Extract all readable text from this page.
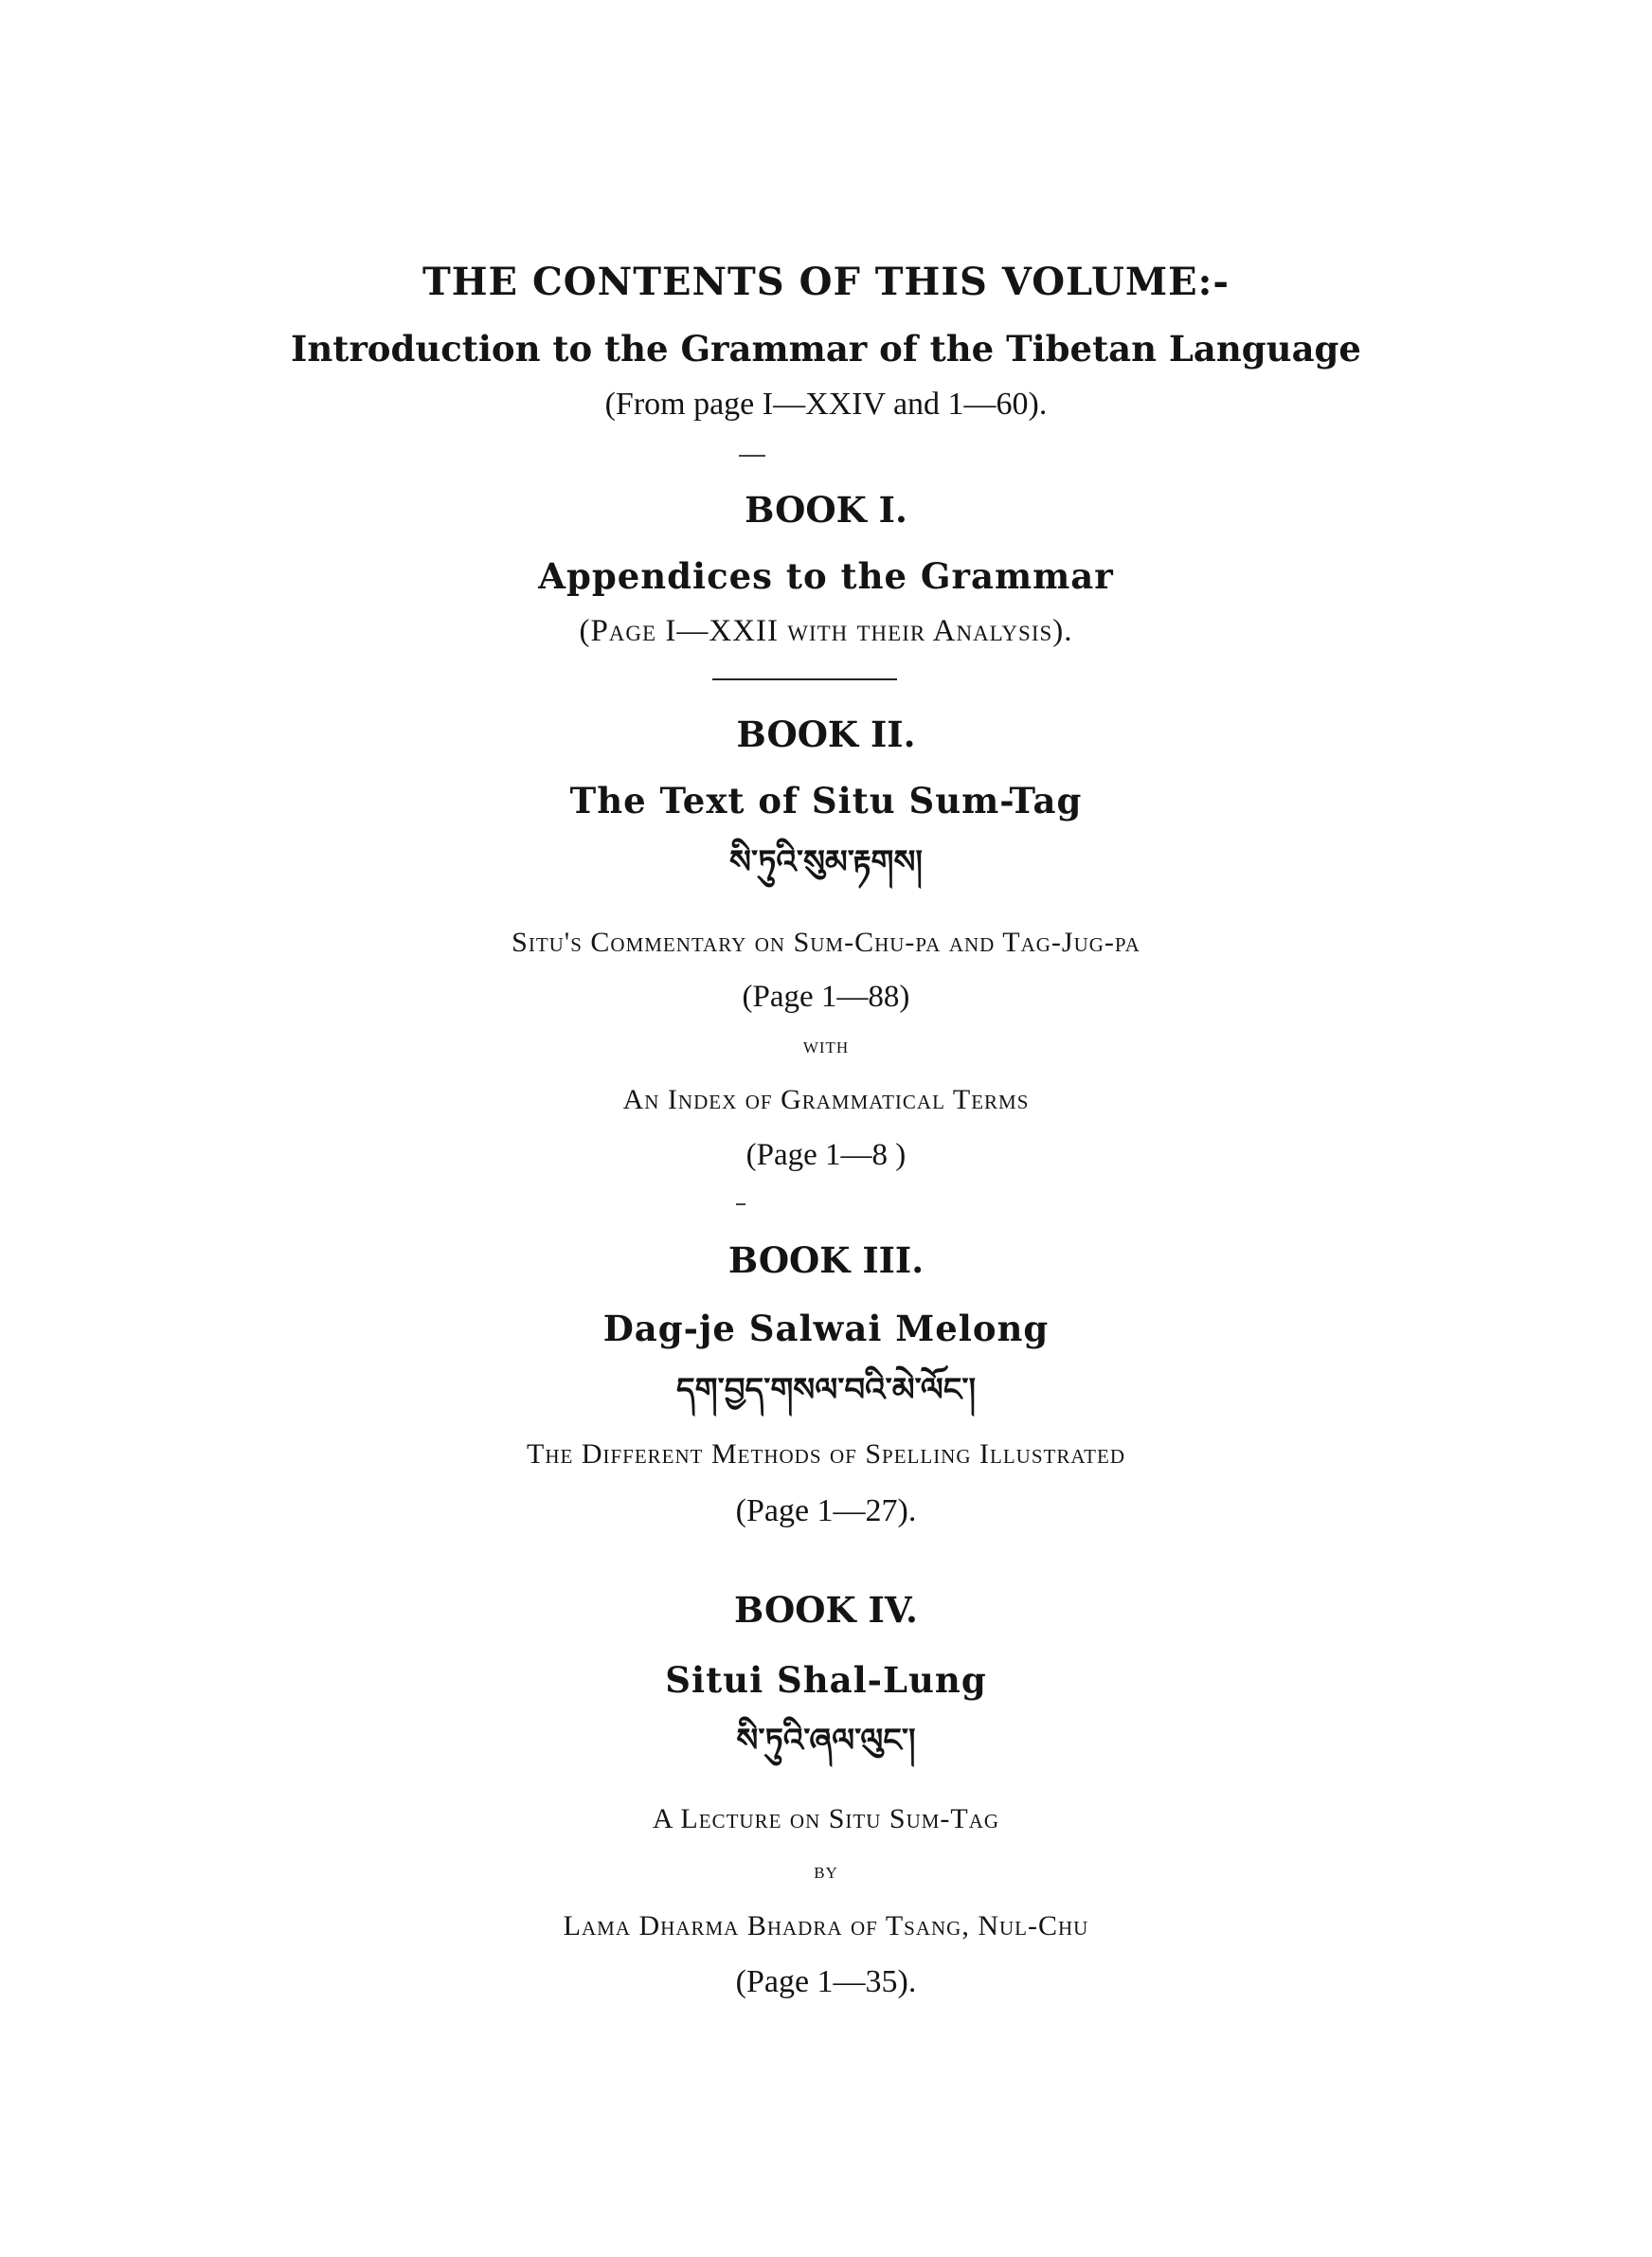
THE CONTENTS OF THIS VOLUME:-
Introduction to the Grammar of the Tibetan Language
(From page I—XXIV and 1—60).
BOOK I.
Appendices to the Grammar
(Page I—XXII with their Analysis).
BOOK II.
The Text of Situ Sum-Tag
སི་ཏུའི་སུམ་རྟགས།
Situ's Commentary on Sum-Chu-pa and Tag-Jug-pa
(Page 1—88)
with
An Index of Grammatical Terms
(Page 1—8 )
BOOK III.
Dag-je Salwai Melong
དག་བྱད་གསལ་བའི་མེ་ལོང་།
The Different Methods of Spelling Illustrated
(Page 1—27).
BOOK IV.
Situi Shal-Lung
སི་ཏུའི་ཞལ་ལུང་།
A Lecture on Situ Sum-Tag
by
Lama Dharma Bhadra of Tsang, Nul-Chu
(Page 1—35).
